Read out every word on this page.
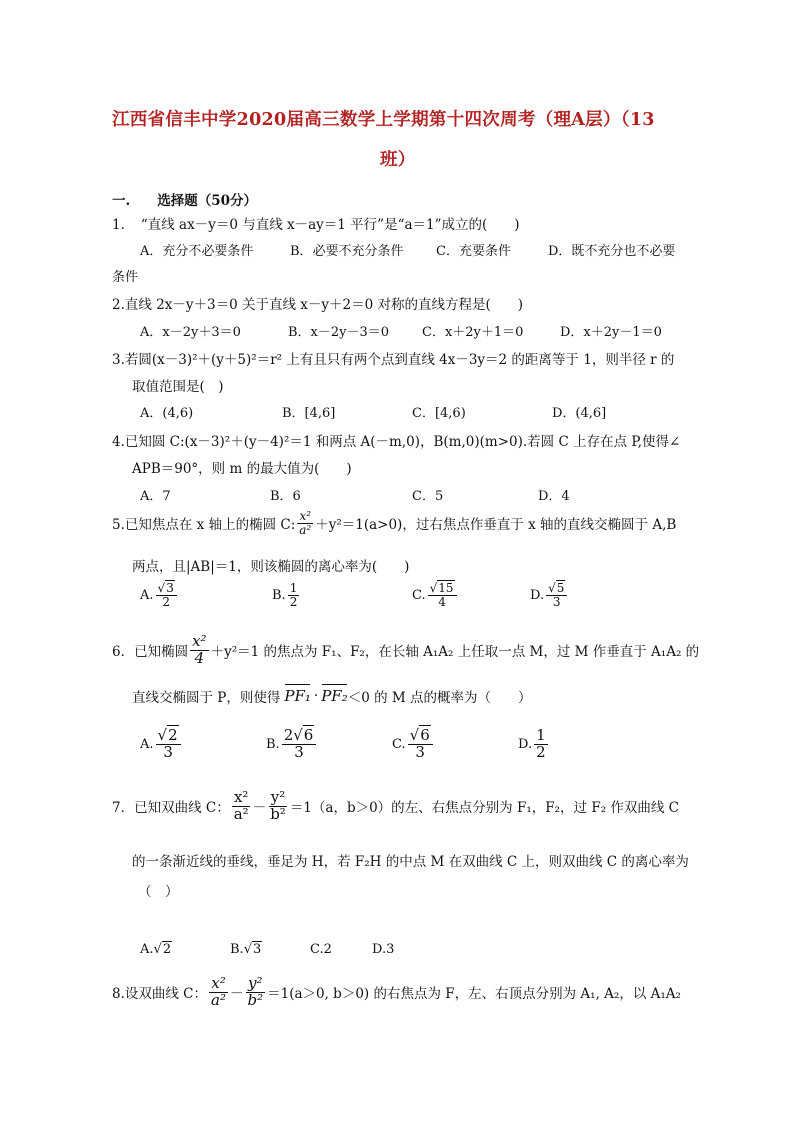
江西省信丰中学2020届高三数学上学期第十四次周考（理A层）（13
班）
一.　　选择题（50分）
1．　“直线 ax－y＝0 与直线 x－ay＝1 平行”是“a＝1”成立的(　　)
A．充分不必要条件	B．必要不充分条件 C．充要条件	D．既不充分也不必要
条件
2.直线 2x－y＋3＝0 关于直线 x－y＋2＝0 对称的直线方程是(　　)
A．x－2y＋3＝0	B．x－2y－3＝0	C．x＋2y＋1＝0	D．x＋2y－1＝0
3.若圆(x－3)²＋(y＋5)²＝r² 上有且只有两个点到直线 4x－3y＝2 的距离等于 1，则半径 r 的
取值范围是(　)
A．(4,6)	B．[4,6]	C．[4,6)	D．(4,6]
4.已知圆 C:(x－3)²＋(y－4)²＝1 和两点 A(－m,0)，B(m,0)(m>0).若圆 C 上存在点 P,使得∠
APB＝90°，则 m 的最大值为(　　)
A．7	B．6	C．5	D．4
5.已知焦点在 x 轴上的椭圆 C: $\frac{\text{x²}}{\text{a²}} +y^2=1(a>0)$，过右焦点作垂直于 x 轴的直线交椭圆于 A,B
两点，且|AB|＝1，则该椭圆的离心率为(　　)
A. $\frac{√3}{2}$	B. $\frac{1}{2}$	C. $\frac{√15}{4}$	D. $\frac{√5}{3}$
6．已知椭圆 $\frac{\text{x²}}{4} +y^2=1$ 的焦点为 F₁、F₂，在长轴 A₁A₂ 上任取一点 M，过 M 作垂直于 A₁A₂ 的
直线交椭圆于 P，则使得 PF₁ · PF₂ ＜0 的 M 点的概率为（　　）
A. $\frac{√2}{3}$	B. $\frac{2√6}{3}$	C. $\frac{√6}{3}$	D. $\frac{1}{2}$
7．已知双曲线 C： $\frac{\text{x²}}{\text{a²}} - \frac{\text{y²}}{\text{b²}} =1(a$，b＞0）的左、右焦点分别为 F₁，F₂，过 F₂ 作双曲线 C
的一条渐近线的垂线，垂足为 H，若 F₂H 的中点 M 在双曲线 C 上，则双曲线 C 的离心率为
（　）
A.√2	B.√3	C.2	D.3
8.设双曲线 C： $\frac{\text{x²}}{\text{a²}} - \frac{\text{y²}}{\text{b²}} =1(a>0$, b＞0) 的右焦点为 F，左、右顶点分别为 A₁, A₂，以 A₁A₂
